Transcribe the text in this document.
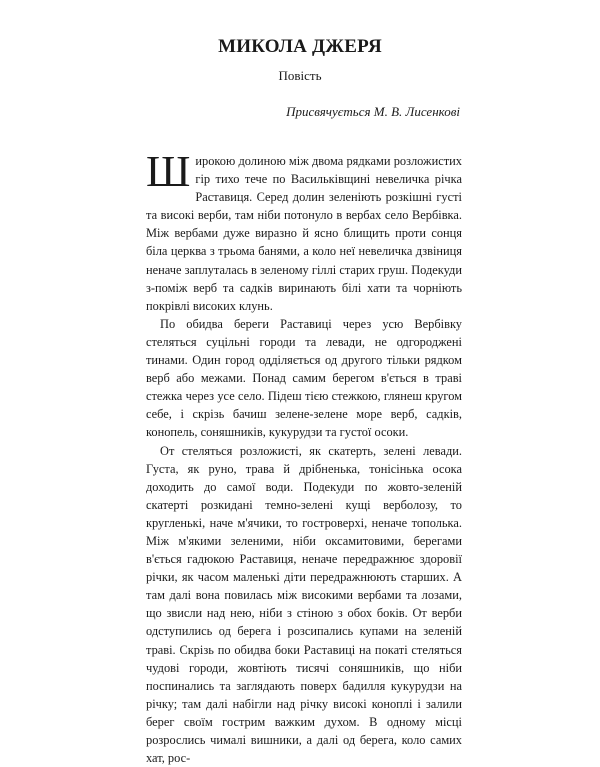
МИКОЛА ДЖЕРЯ
Повість
Присвячується М. В. Лисенкові

Широкою долиною між двома рядками розложистих гір тихо тече по Васильківщині невеличка річка Раставиця. Серед долин зеленіють розкішні густі та високі верби, там ніби потонуло в вербах село Вербівка. Між вербами дуже виразно й ясно блищить проти сонця біла церква з трьома банями, а коло неї невеличка дзвіниця неначе заплуталась в зеленому гіллі старих груш. Подекуди з-поміж верб та садків виринають білі хати та чорніють покрівлі високих клунь.

По обидва береги Раставиці через усю Вербівку стеляться суцільні городи та левади, не одгороджені тинами. Один город одділяється од другого тільки рядком верб або межами. Понад самим берегом в'ється в траві стежка через усе село. Підеш тією стежкою, глянеш кругом себе, і скрізь бачиш зелене-зелене море верб, садків, конопель, соняшників, кукурудзи та густої осоки.

От стеляться розложисті, як скатерть, зелені левади. Густа, як руно, трава й дрібненька, тонісінька осока доходить до самої води. Подекуди по жовто-зеленій скатерті розкидані темно-зелені кущі верболозу, то кругленькі, наче м'ячики, то гостроверхі, неначе тополька. Між м'якими зеленими, ніби оксамитовими, берегами в'ється гадюкою Раставиця, неначе передражнює здоровії річки, як часом маленькі діти передражнюють старших. А там далі вона повилась між високими вербами та лозами, що звисли над нею, ніби з стіною з обох боків. От верби одступились од берега і розсипались купами на зеленій траві. Скрізь по обидва боки Раставиці на покаті стеляться чудові городи, жовтіють тисячі соняшників, що ніби поспинались та заглядають поверх бадилля кукурудзи на річку; там далі набігли над річку високі коноплі і залили берег своїм гострим важким духом. В одному місці розрослись чималі вишники, а далі од берега, коло самих хат, рос-
